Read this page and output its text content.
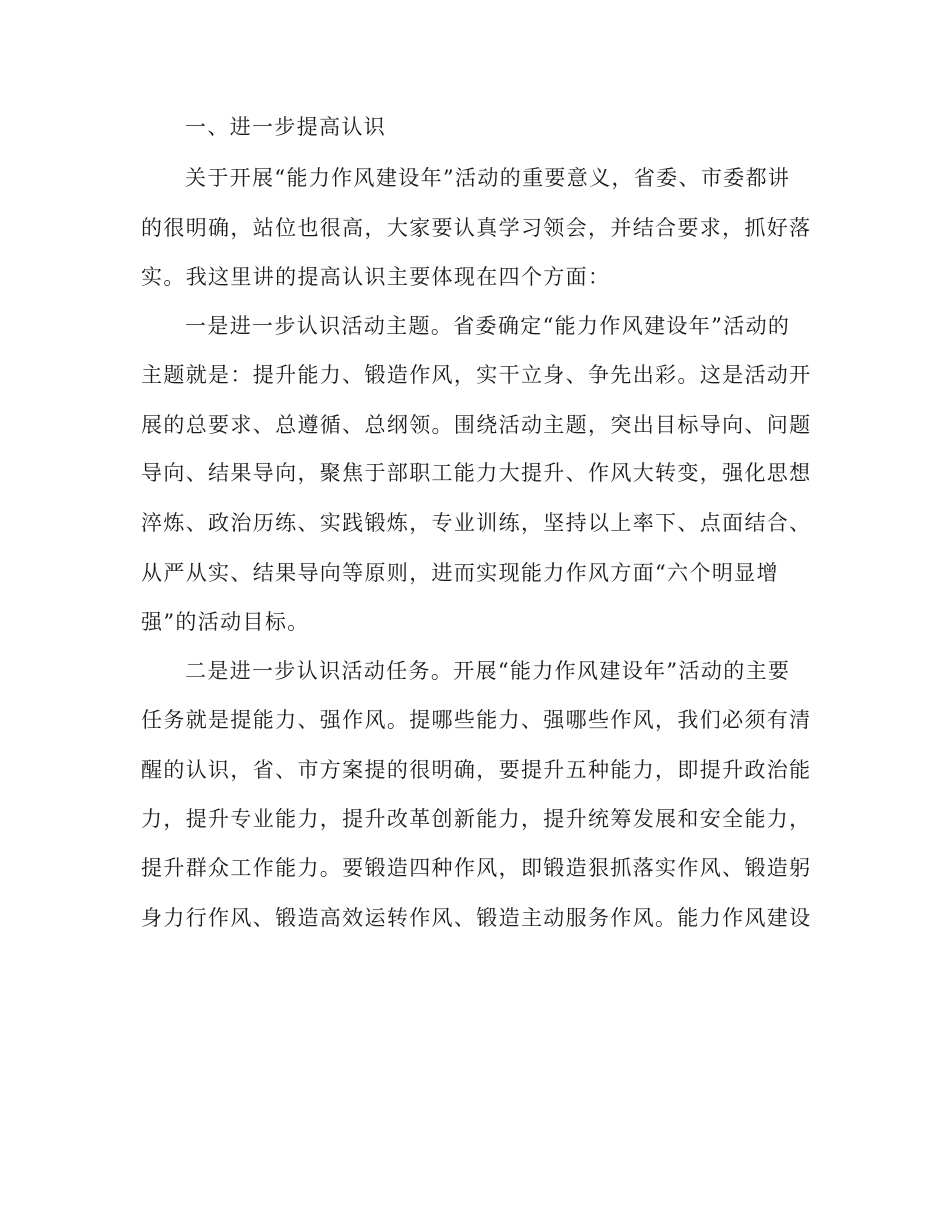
一、进一步提高认识

关于开展“能力作风建设年”活动的重要意义，省委、市委都讲

的很明确，站位也很高，大家要认真学习领会，并结合要求，抓好落

实。我这里讲的提高认识主要体现在四个方面：

一是进一步认识活动主题。省委确定“能力作风建设年”活动的

主题就是：提升能力、锻造作风，实干立身、争先出彩。这是活动开

展的总要求、总遵循、总纲领。围绕活动主题，突出目标导向、问题

导向、结果导向，聚焦于部职工能力大提升、作风大转变，强化思想

淬炼、政治历练、实践锻炼，专业训练，坚持以上率下、点面结合、

从严从实、结果导向等原则，进而实现能力作风方面“六个明显增

强”的活动目标。

二是进一步认识活动任务。开展“能力作风建设年”活动的主要

任务就是提能力、强作风。提哪些能力、强哪些作风，我们必须有清

醒的认识，省、市方案提的很明确，要提升五种能力，即提升政治能

力，提升专业能力，提升改革创新能力，提升统筹发展和安全能力，

提升群众工作能力。要锻造四种作风，即锻造狠抓落实作风、锻造躬

身力行作风、锻造高效运转作风、锻造主动服务作风。能力作风建设
